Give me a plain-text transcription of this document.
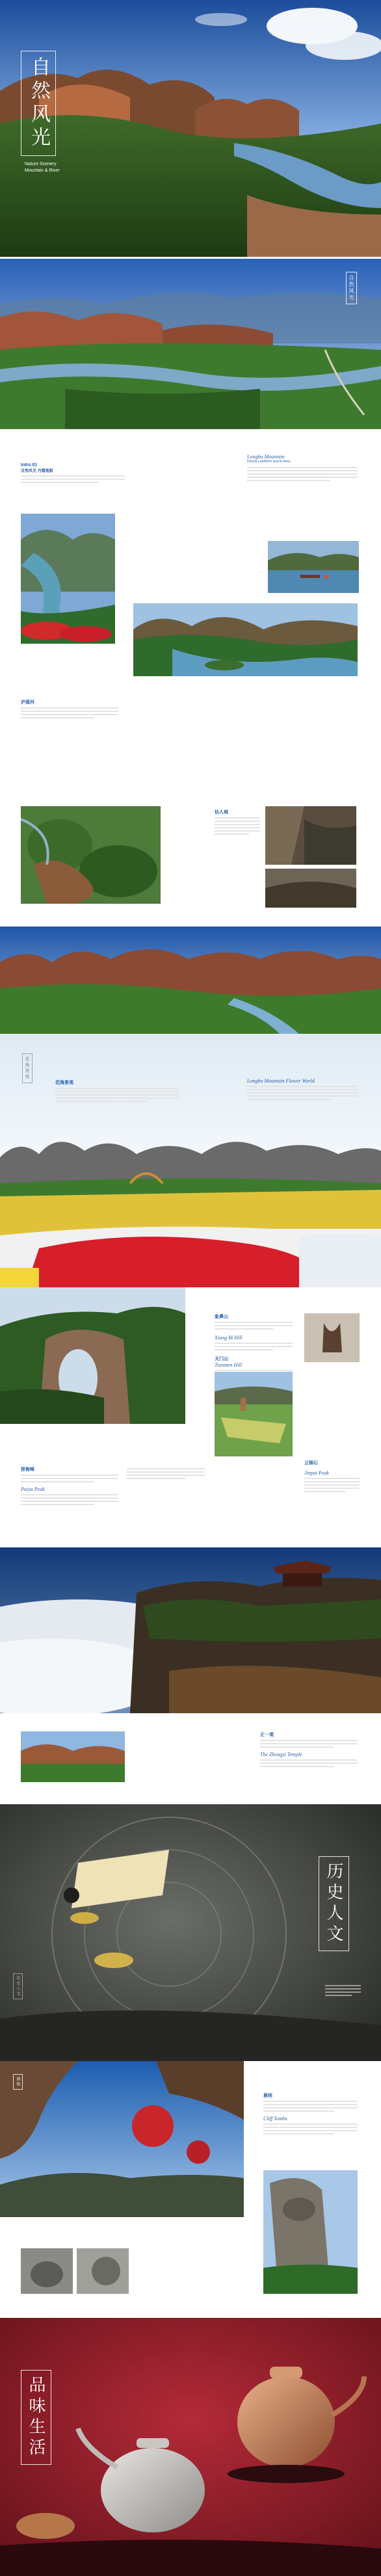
自然风光
Nature Scenery
Mountain & River
自然风光
Intro 01
自然风光 丹霞地貌
Longhu Mountain
Danxia Landform Scenic Area
泸溪河
仙人城
花海景观
花海景观	Longhu Mountain Flower World
象鼻山
Xiang Bi Hill
天门山
Tianmen Hill
排衙峰
Paiya Peak
云锦石
Jinpai Peak
正一观
The Zhengyi Temple
历史人文
历史人文
悬棺
悬棺
Cliff Tombs
品味生活
